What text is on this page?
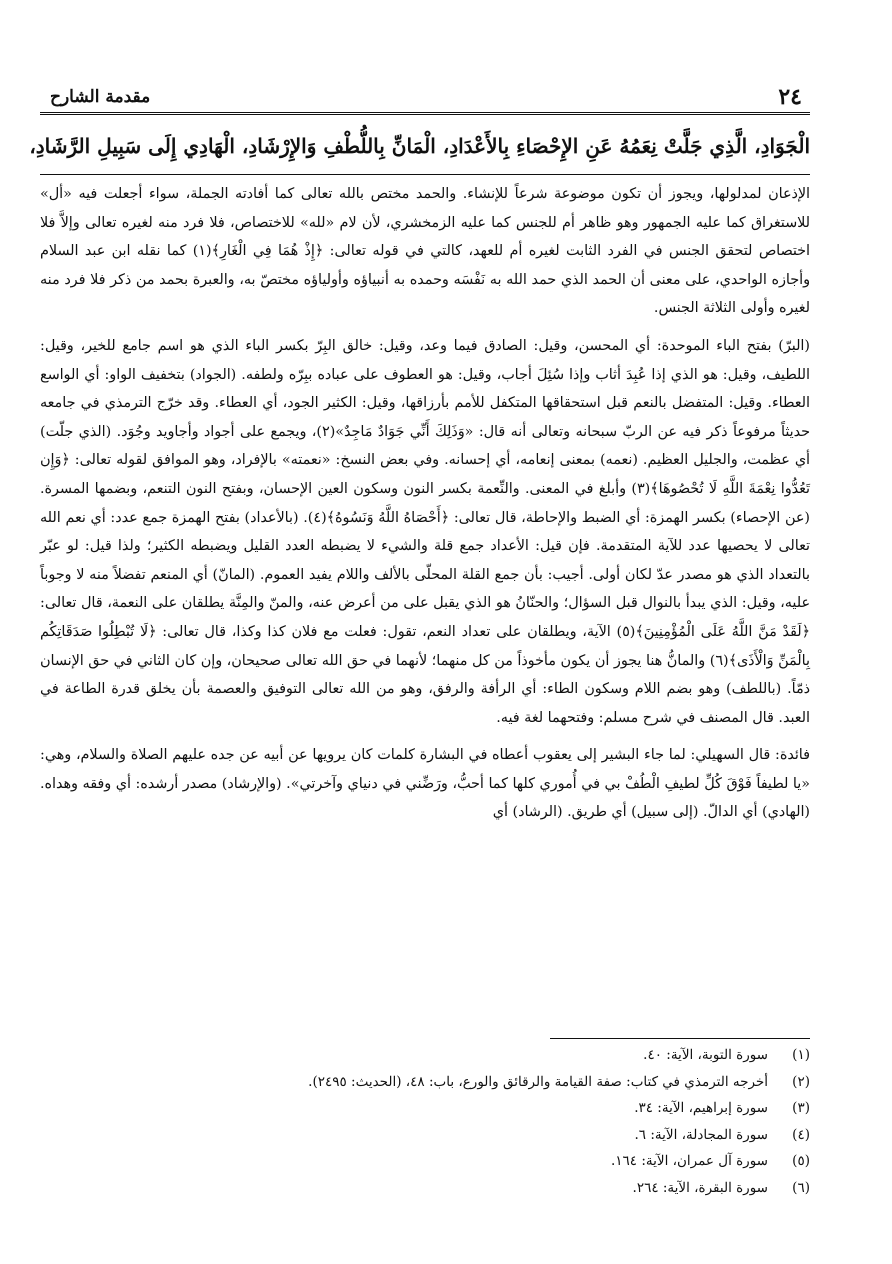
٢٤
مقدمة الشارح
الْجَوَادِ، الَّذِي جَلَّتْ نِعَمُهُ عَنِ الإِحْصَاءِ بِالأَعْدَادِ، الْمَانِّ بِاللُّطْفِ وَالإِرْشَادِ، الْهَادِي إِلَى سَبِيلِ الرَّشَادِ،

الإذعان لمدلولها، ويجوز أن تكون موضوعة شرعاً للإنشاء. والحمد مختص بالله تعالى كما أفادته الجملة، سواء أجعلت فيه «أل» للاستغراق كما عليه الجمهور وهو ظاهر أم للجنس كما عليه الزمخشري، لأن لام «لله» للاختصاص، فلا فرد منه لغيره تعالى وإلاَّ فلا اختصاص لتحقق الجنس في الفرد الثابت لغيره أم للعهد، كالتي في قوله تعالى: ﴿إِذْ هُمَا فِي الْغَارِ﴾(١) كما نقله ابن عبد السلام وأجازه الواحدي، على معنى أن الحمد الذي حمد الله به نَفْسَه وحمده به أنبياؤه وأولياؤه مختصّ به، والعبرة بحمد من ذكر فلا فرد منه لغيره وأولى الثلاثة الجنس.

(البرّ) بفتح الباء الموحدة: أي المحسن، وقيل: الصادق فيما وعد، وقيل: خالق البِرّ بكسر الباء الذي هو اسم جامع للخير، وقيل: اللطيف، وقيل: هو الذي إذا عُبِدَ أثاب وإذا سُئِلَ أجاب، وقيل: هو العطوف على عباده ببِرّه ولطفه. (الجواد) بتخفيف الواو: أي الواسع العطاء. وقيل: المتفضل بالنعم قبل استحقاقها المتكفل للأمم بأرزاقها، وقيل: الكثير الجود، أي العطاء. وقد خرّج الترمذي في جامعه حديثاً مرفوعاً ذكر فيه عن الربّ سبحانه وتعالى أنه قال: «وَذَلِكَ أَنِّي جَوَادٌ مَاجِدٌ»(٢)، ويجمع على أجواد وأجاويد وجُوَد. (الذي جلّت) أي عظمت، والجليل العظيم. (نعمه) بمعنى إنعامه، أي إحسانه. وفي بعض النسخ: «نعمته» بالإفراد، وهو الموافق لقوله تعالى: ﴿وَإِن تَعُدُّوا نِعْمَةَ اللَّهِ لَا تُحْصُوهَا﴾(٣) وأبلغ في المعنى. والنِّعمة بكسر النون وسكون العين الإحسان، وبفتح النون التنعم، وبضمها المسرة. (عن الإحصاء) بكسر الهمزة: أي الضبط والإحاطة، قال تعالى: ﴿أَحْصَاهُ اللَّهُ وَنَسُوهُ﴾(٤). (بالأعداد) بفتح الهمزة جمع عدد: أي نعم الله تعالى لا يحصيها عدد للآية المتقدمة. فإن قيل: الأعداد جمع قلة والشيء لا يضبطه العدد القليل ويضبطه الكثير؛ ولذا قيل: لو عبّر بالتعداد الذي هو مصدر عدّ لكان أولى. أجيب: بأن جمع القلة المحلّى بالألف واللام يفيد العموم. (المانّ) أي المنعم تفضلاً منه لا وجوباً عليه، وقيل: الذي يبدأ بالنوال قبل السؤال؛ والحنّانُ هو الذي يقبل على من أعرض عنه، والمنّ والمِنَّة يطلقان على النعمة، قال تعالى: ﴿لَقَدْ مَنَّ اللَّهُ عَلَى الْمُؤْمِنِينَ﴾(٥) الآية، ويطلقان على تعداد النعم، تقول: فعلت مع فلان كذا وكذا، قال تعالى: ﴿لَا تُبْطِلُوا صَدَقَاتِكُم بِالْمَنِّ وَالْأَذَى﴾(٦) والمانُّ هنا يجوز أن يكون مأخوذاً من كل منهما؛ لأنهما في حق الله تعالى صحيحان، وإن كان الثاني في حق الإنسان ذمّاً. (باللطف) وهو بضم اللام وسكون الطاء: أي الرأفة والرفق، وهو من الله تعالى التوفيق والعصمة بأن يخلق قدرة الطاعة في العبد. قال المصنف في شرح مسلم: وفتحهما لغة فيه.

فائدة: قال السهيلي: لما جاء البشير إلى يعقوب أعطاه في البشارة كلمات كان يرويها عن أبيه عن جده عليهم الصلاة والسلام، وهي: «يا لطيفاً فَوْقَ كُلِّ لطيفِ الْطُفْ بي في أُموري كلها كما أحبُّ، ورَضِّني في دنياي وآخرتي». (والإرشاد) مصدر أرشده: أي وفقه وهداه. (الهادي) أي الدالّ. (إلى سبيل) أي طريق. (الرشاد) أي

(١)
سورة التوبة، الآية: ٤٠.
(٢)
أخرجه الترمذي في كتاب: صفة القيامة والرقائق والورع، باب: ٤٨، (الحديث: ٢٤٩٥).
(٣)
سورة إبراهيم، الآية: ٣٤.
(٤)
سورة المجادلة، الآية: ٦.
(٥)
سورة آل عمران، الآية: ١٦٤.
(٦)
سورة البقرة، الآية: ٢٦٤.
